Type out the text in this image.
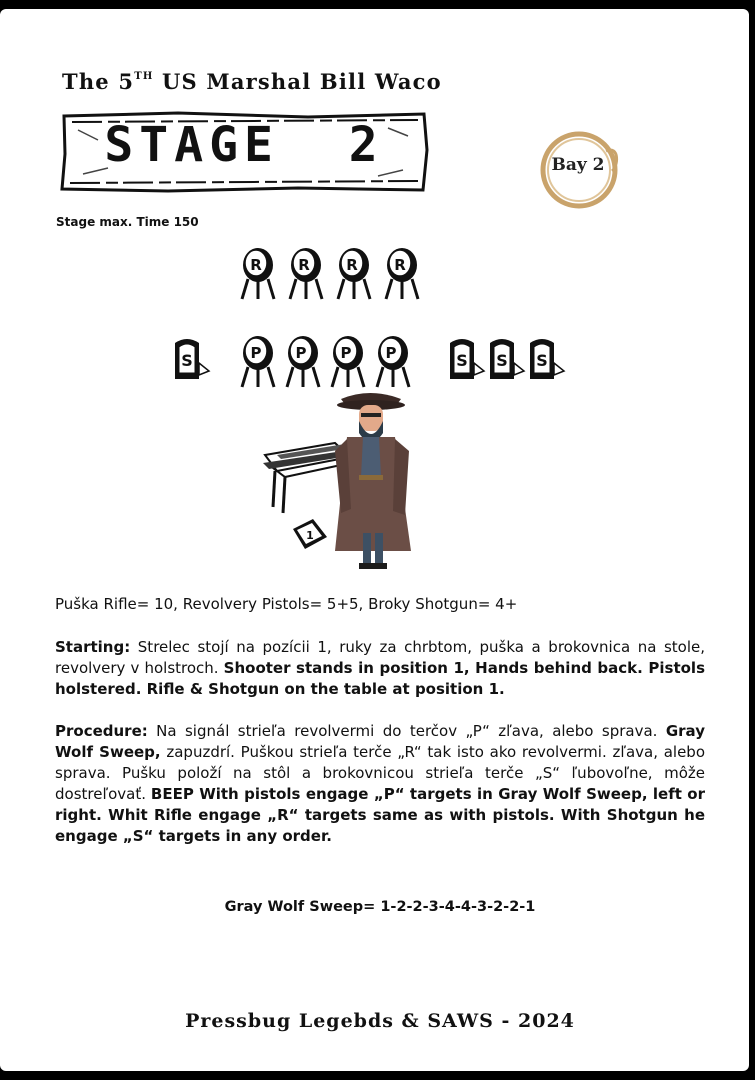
The 5TH US Marshal Bill Waco
STAGE  2	Bay 2
Stage max. Time 150
R R R R
S	P P P P	S S S
1
Puška Rifle= 10, Revolvery Pistols= 5+5, Broky Shotgun= 4+
Starting: Strelec stojí na pozícii 1, ruky za chrbtom, puška a brokovnica na stole, revolvery v holstroch. Shooter stands in position 1, Hands behind back. Pistols holstered. Rifle & Shotgun on the table at position 1.
Procedure: Na signál strieľa revolvermi do terčov „P“ zľava, alebo sprava. Gray Wolf Sweep, zapuzdrí. Puškou strieľa terče „R“ tak isto ako revolvermi. zľava, alebo sprava. Pušku položí na stôl a brokovnicou strieľa terče „S“ ľubovoľne, môže dostreľovať. BEEP With pistols engage „P“ targets in Gray Wolf Sweep, left or right. Whit Rifle engage „R“ targets same as with pistols. With Shotgun he engage „S“ targets in any order.
Gray Wolf Sweep= 1-2-2-3-4-4-3-2-2-1
Pressbug Legebds & SAWS - 2024
